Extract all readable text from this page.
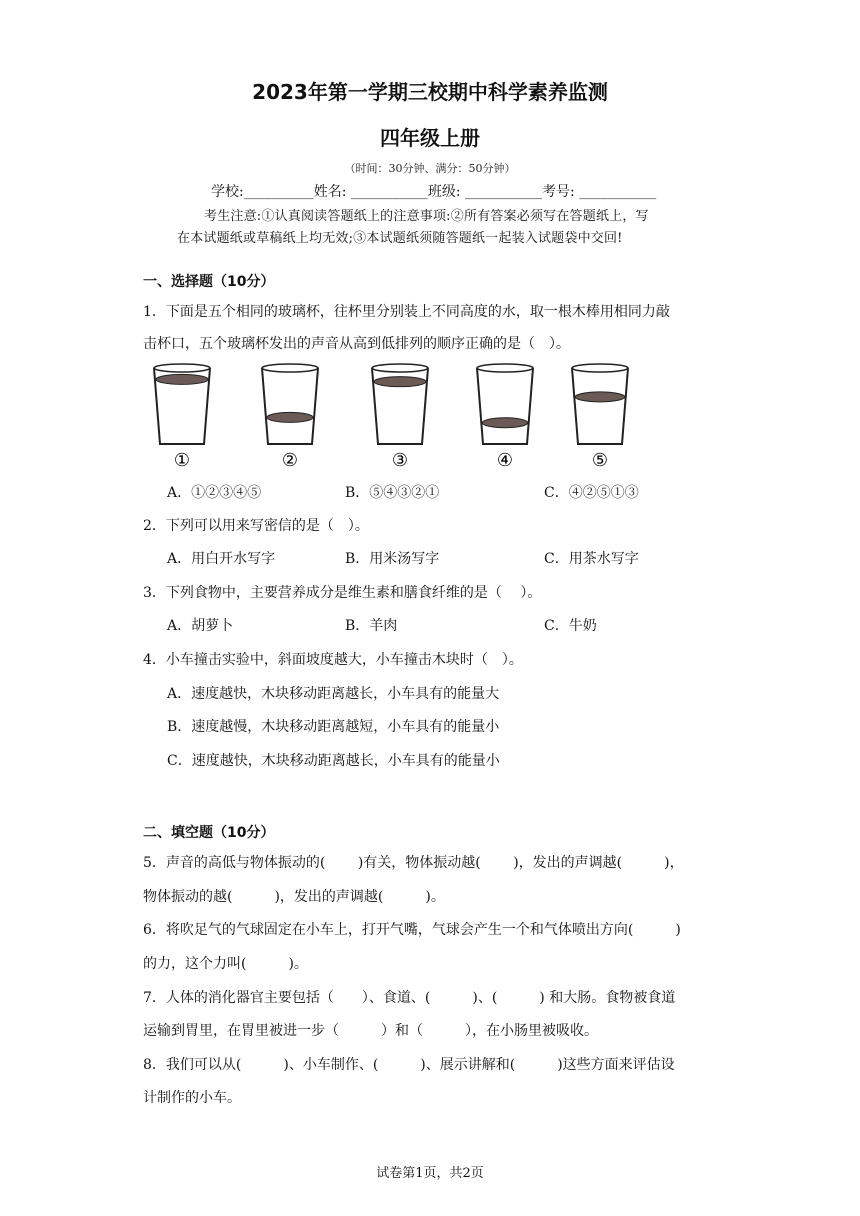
2023年第一学期三校期中科学素养监测
四年级上册
（时间：30分钟、满分：50分钟）
学校:__________姓名: ___________班级: ___________考号: ___________
考生注意:①认真阅读答题纸上的注意事项:②所有答案必须写在答题纸上，写
在本试题纸或草稿纸上均无效;③本试题纸须随答题纸一起装入试题袋中交回!
一、选择题（10分）
1．下面是五个相同的玻璃杯，往杯里分别装上不同高度的水，取一根木棒用相同力敲
击杯口，五个玻璃杯发出的声音从高到低排列的顺序正确的是（　）。
①	②	③	④	⑤
A．①②③④⑤	B．⑤④③②①	C．④②⑤①③
2．下列可以用来写密信的是（　）。
A．用白开水写字	B．用米汤写字	C．用茶水写字
3．下列食物中，主要营养成分是维生素和膳食纤维的是（　 ）。
A．胡萝卜	B．羊肉	C．牛奶
4．小车撞击实验中，斜面坡度越大，小车撞击木块时（　）。
A．速度越快，木块移动距离越长，小车具有的能量大
B．速度越慢，木块移动距离越短，小车具有的能量小
C．速度越快，木块移动距离越长，小车具有的能量小
二、填空题（10分）
5．声音的高低与物体振动的(　　 )有关，物体振动越(　　 )，发出的声调越(　　　)，
物体振动的越(　　　)，发出的声调越(　　　)。
6．将吹足气的气球固定在小车上，打开气嘴，气球会产生一个和气体喷出方向(　　　)
的力，这个力叫(　　　)。
7．人体的消化器官主要包括（　　）、食道、(　　　)、(　　　) 和大肠。食物被食道
运输到胃里，在胃里被进一步（　　　）和（　　　），在小肠里被吸收。
8．我们可以从(　　　)、小车制作、(　　　)、展示讲解和(　　　)这些方面来评估设
计制作的小车。
试卷第1页，共2页
